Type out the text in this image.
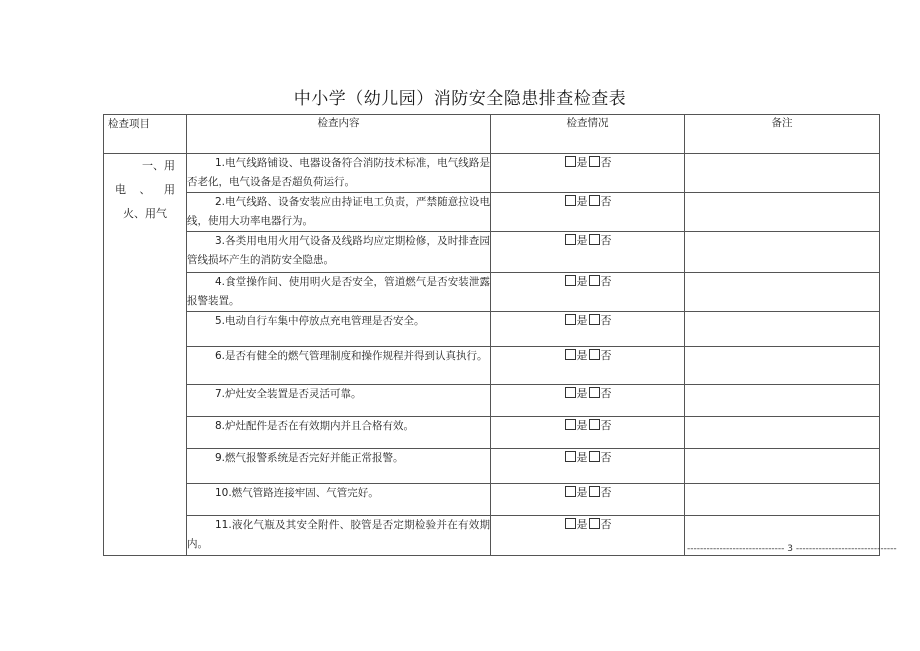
中小学（幼儿园）消防安全隐患排查检查表
检查项目	检查内容	检查情况	备注

一、用
电、用
火、用气	1.电气线路铺设、电器设备符合消防技术标准，电气线路是否老化，电气设备是否超负荷运行。	是 否	
	2.电气线路、设备安装应由持证电工负责，严禁随意拉设电线，使用大功率电器行为。	是 否	
	3.各类用电用火用气设备及线路均应定期检修，及时排查园管线损坏产生的消防安全隐患。	是 否	
	4.食堂操作间、使用明火是否安全，管道燃气是否安装泄露报警装置。	是 否	
	5.电动自行车集中停放点充电管理是否安全。	是 否	
	6.是否有健全的燃气管理制度和操作规程并得到认真执行。	是 否	
	7.炉灶安全装置是否灵活可靠。	是 否	
	8.炉灶配件是否在有效期内并且合格有效。	是 否	
	9.燃气报警系统是否完好并能正常报警。	是 否	
	10.燃气管路连接牢固、气管完好。	是 否	
	11.液化气瓶及其安全附件、胶管是否定期检验并在有效期内。	是 否	
------------------------------ 3 -------------------------------
